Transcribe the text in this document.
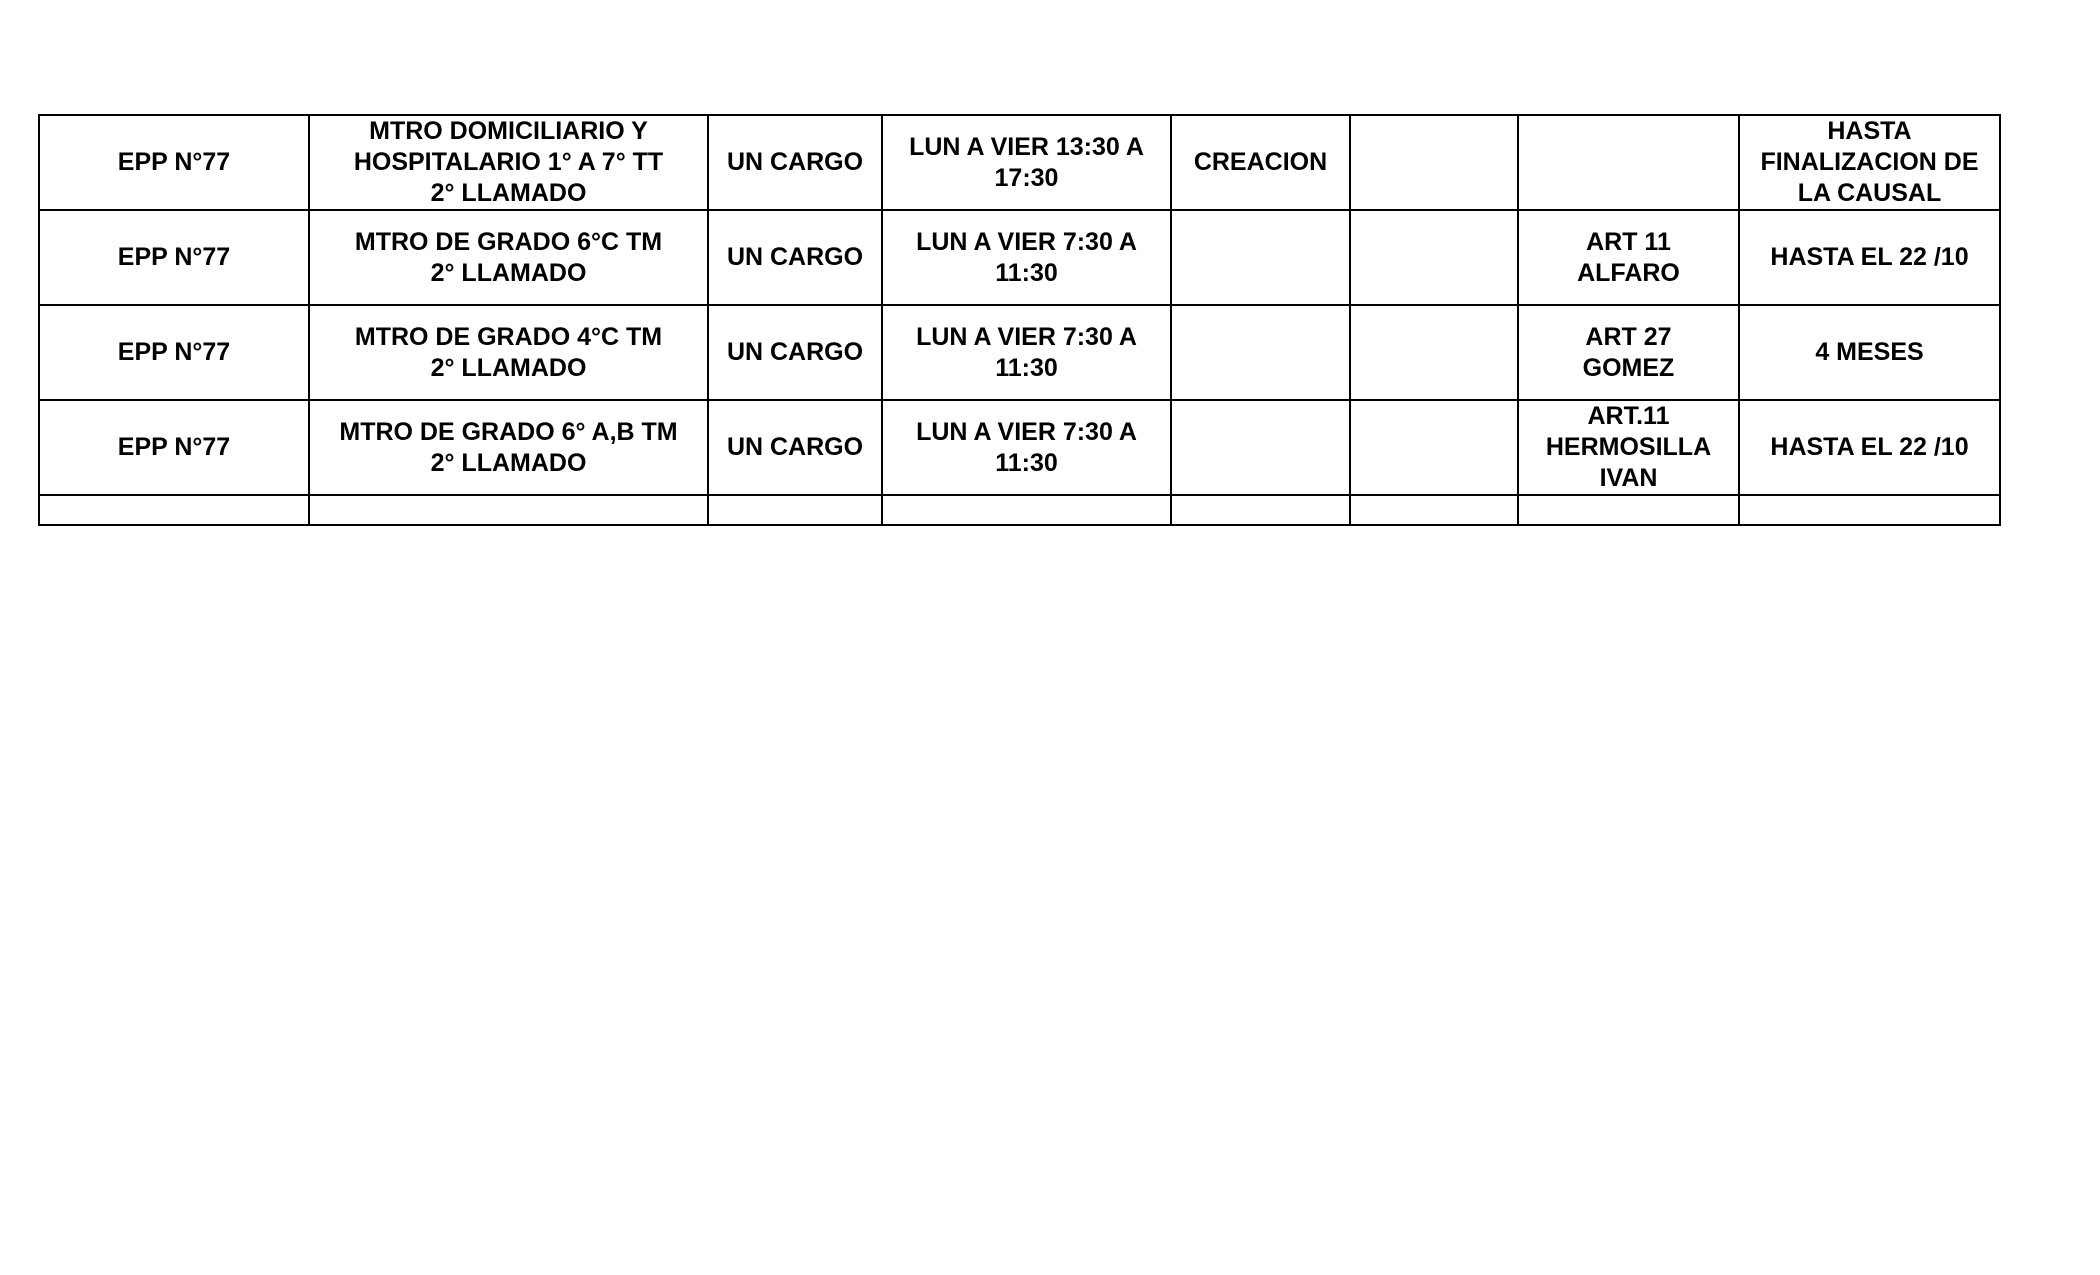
EPP N°77	MTRO DOMICILIARIO Y
HOSPITALARIO 1° A 7° TT
2° LLAMADO	UN CARGO	LUN A VIER 13:30 A
17:30	CREACION			HASTA
FINALIZACION DE
LA CAUSAL
EPP N°77	MTRO DE GRADO 6°C TM
2° LLAMADO	UN CARGO	LUN A VIER 7:30 A
11:30			ART 11
ALFARO	HASTA EL 22 /10
EPP N°77	MTRO DE GRADO 4°C TM
2° LLAMADO	UN CARGO	LUN A VIER 7:30 A
11:30			ART 27
GOMEZ	4 MESES
EPP N°77	MTRO DE GRADO 6° A,B TM
2° LLAMADO	UN CARGO	LUN A VIER 7:30 A
11:30			ART.11
HERMOSILLA
IVAN	HASTA EL 22 /10
